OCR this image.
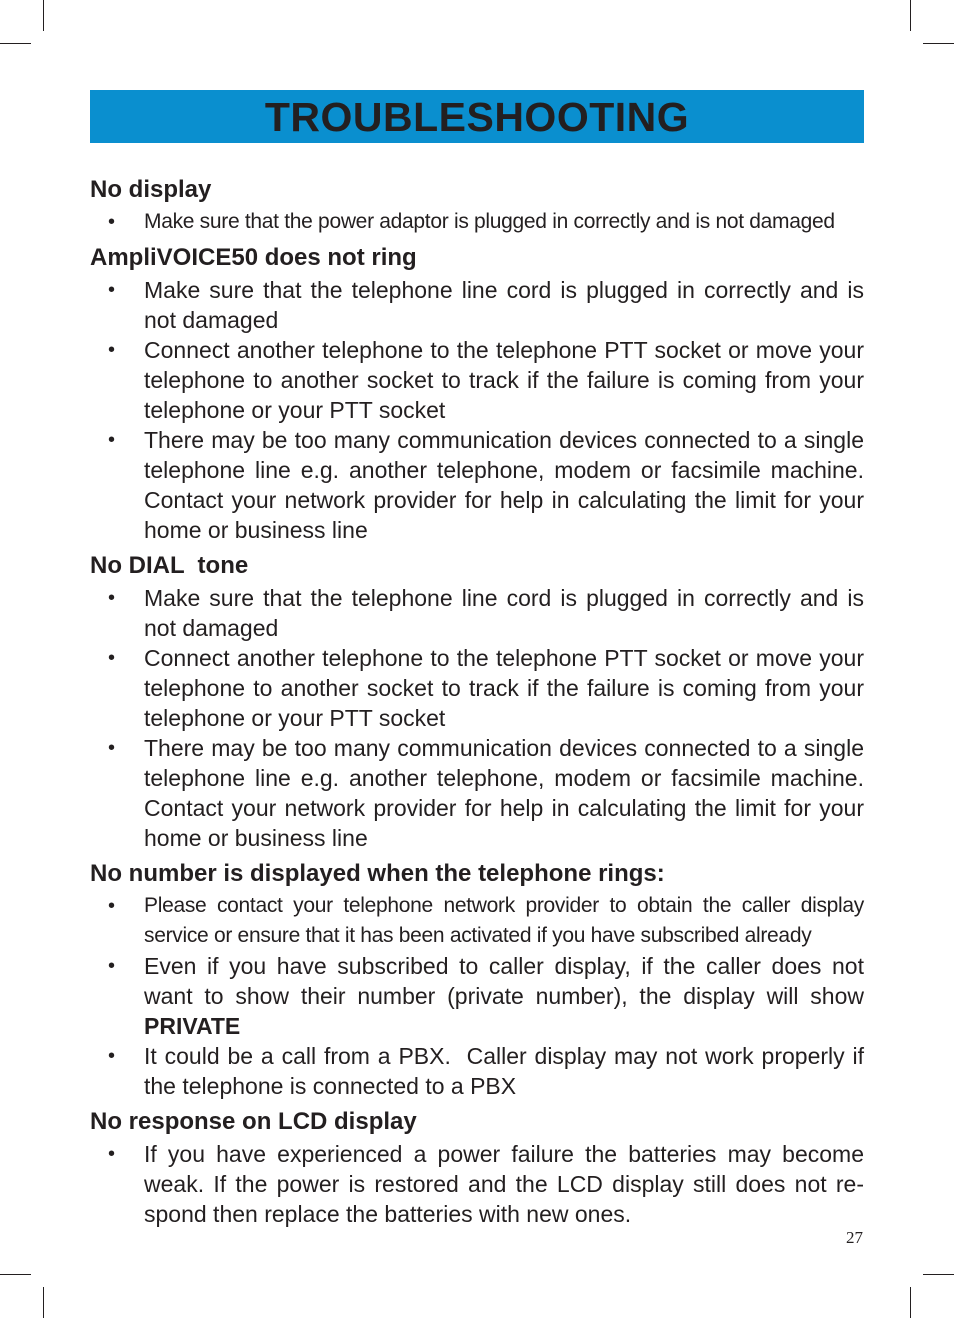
TROUBLESHOOTING
No display
• Make sure that the power adaptor is plugged in correctly and is not damaged
AmpliVOICE50 does not ring
• Make sure that the telephone line cord is plugged in correctly and is not damaged
• Connect another telephone to the telephone PTT socket or move your telephone to another socket to track if the failure is coming from your telephone or your PTT socket
• There may be too many communication devices connected to a single telephone line e.g. another telephone, modem or facsimile machine. Contact your network provider for help in calculating the limit for your home or business line
No DIAL  tone
• Make sure that the telephone line cord is plugged in correctly and is not damaged
• Connect another telephone to the telephone PTT socket or move your telephone to another socket to track if the failure is coming from your telephone or your PTT socket
• There may be too many communication devices connected to a single telephone line e.g. another telephone, modem or facsimile machine. Contact your network provider for help in calculating the limit for your home or business line
No number is displayed when the telephone rings:
• Please contact your telephone network provider to obtain the caller display service or ensure that it has been activated if you have subscribed already
• Even if you have subscribed to caller display, if the caller does not want to show their number (private number), the display will show PRIVATE
• It could be a call from a PBX.  Caller display may not work properly if the telephone is connected to a PBX
No response on LCD display
• If you have experienced a power failure the batteries may become weak. If the power is restored and the LCD display still does not re-spond then replace the batteries with new ones.
27
